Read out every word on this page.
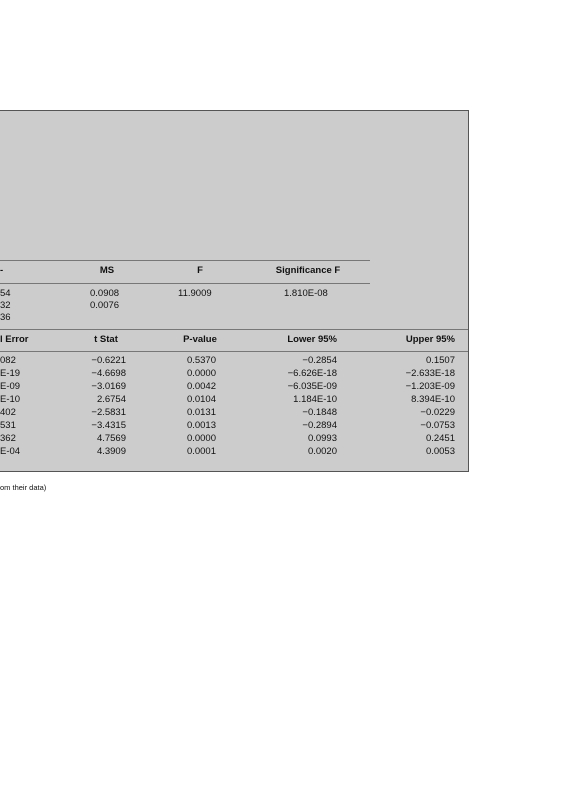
-	MS	F	Significance F
54	0.0908	11.9009	1.810E-08
32	0.0076
36
l Error	t Stat	P-value	Lower 95%	Upper 95%
082	−0.6221	0.5370	−0.2854	0.1507
E-19	−4.6698	0.0000	−6.626E-18	−2.633E-18
E-09	−3.0169	0.0042	−6.035E-09	−1.203E-09
E-10	2.6754	0.0104	1.184E-10	8.394E-10
402	−2.5831	0.0131	−0.1848	−0.0229
531	−3.4315	0.0013	−0.2894	−0.0753
362	4.7569	0.0000	0.0993	0.2451
E-04	4.3909	0.0001	0.0020	0.0053
om their data)
